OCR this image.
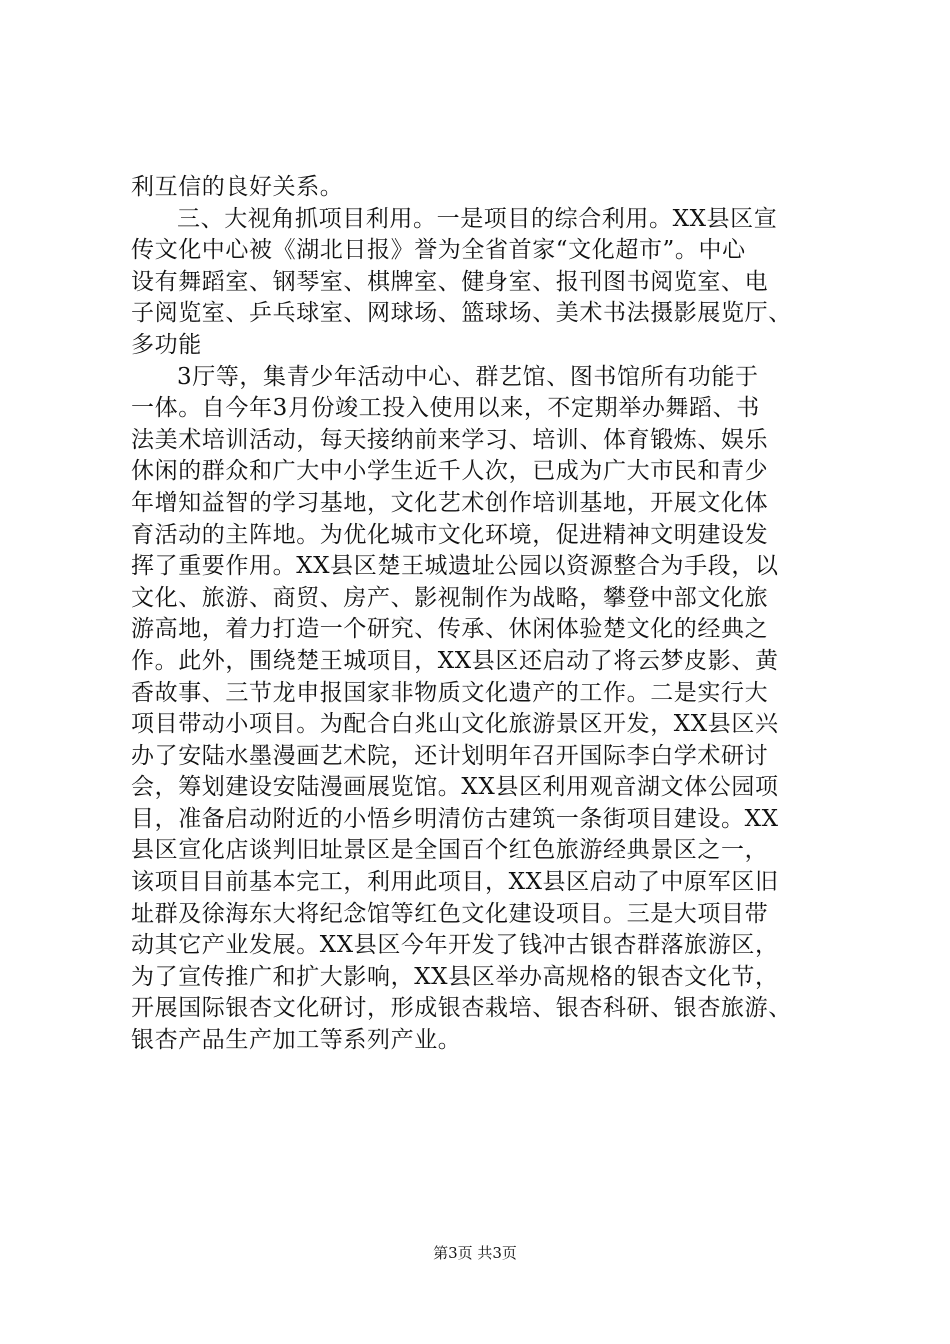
利互信的良好关系。
三、大视角抓项目利用。一是项目的综合利用。XX县区宣
传文化中心被《湖北日报》誉为全省首家“文化超市”。中心
设有舞蹈室、钢琴室、棋牌室、健身室、报刊图书阅览室、电
子阅览室、乒乓球室、网球场、篮球场、美术书法摄影展览厅、
多功能
3厅等，集青少年活动中心、群艺馆、图书馆所有功能于
一体。自今年3月份竣工投入使用以来，不定期举办舞蹈、书
法美术培训活动，每天接纳前来学习、培训、体育锻炼、娱乐
休闲的群众和广大中小学生近千人次，已成为广大市民和青少
年增知益智的学习基地，文化艺术创作培训基地，开展文化体
育活动的主阵地。为优化城市文化环境，促进精神文明建设发
挥了重要作用。XX县区楚王城遗址公园以资源整合为手段，以
文化、旅游、商贸、房产、影视制作为战略，攀登中部文化旅
游高地，着力打造一个研究、传承、休闲体验楚文化的经典之
作。此外，围绕楚王城项目，XX县区还启动了将云梦皮影、黄
香故事、三节龙申报国家非物质文化遗产的工作。二是实行大
项目带动小项目。为配合白兆山文化旅游景区开发，XX县区兴
办了安陆水墨漫画艺术院，还计划明年召开国际李白学术研讨
会，筹划建设安陆漫画展览馆。XX县区利用观音湖文体公园项
目，准备启动附近的小悟乡明清仿古建筑一条街项目建设。XX
县区宣化店谈判旧址景区是全国百个红色旅游经典景区之一，
该项目目前基本完工，利用此项目，XX县区启动了中原军区旧
址群及徐海东大将纪念馆等红色文化建设项目。三是大项目带
动其它产业发展。XX县区今年开发了钱冲古银杏群落旅游区，
为了宣传推广和扩大影响，XX县区举办高规格的银杏文化节，
开展国际银杏文化研讨，形成银杏栽培、银杏科研、银杏旅游、
银杏产品生产加工等系列产业。
第3页 共3页
